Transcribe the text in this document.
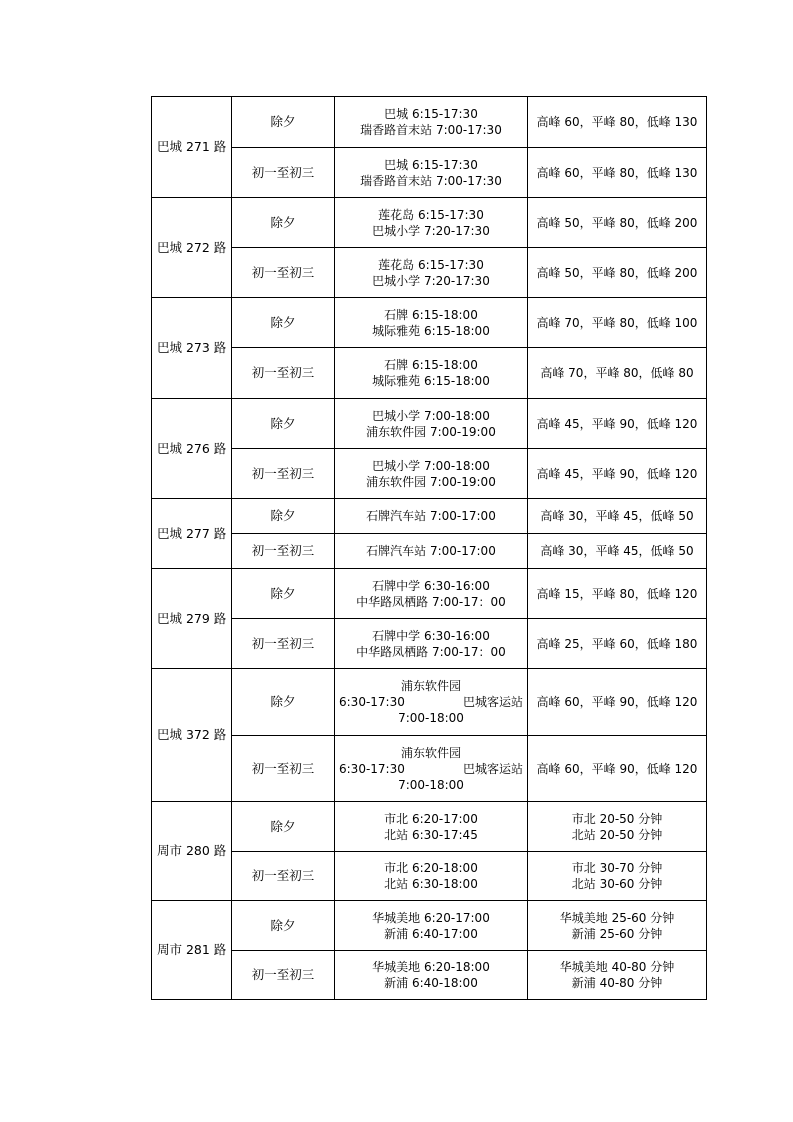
巴城 271 路	除夕	巴城 6:15-17:30
瑞香路首末站 7:00-17:30	高峰 60，平峰 80，低峰 130

	初一至初三	巴城 6:15-17:30
瑞香路首末站 7:00-17:30	高峰 60，平峰 80，低峰 130

巴城 272 路	除夕	莲花岛 6:15-17:30
巴城小学 7:20-17:30	高峰 50，平峰 80，低峰 200

	初一至初三	莲花岛 6:15-17:30
巴城小学 7:20-17:30	高峰 50，平峰 80，低峰 200

巴城 273 路	除夕	石牌 6:15-18:00
城际雅苑 6:15-18:00	高峰 70，平峰 80，低峰 100

	初一至初三	石牌 6:15-18:00
城际雅苑 6:15-18:00	高峰 70，平峰 80，低峰 80

巴城 276 路	除夕	巴城小学 7:00-18:00
浦东软件园 7:00-19:00	高峰 45，平峰 90，低峰 120

	初一至初三	巴城小学 7:00-18:00
浦东软件园 7:00-19:00	高峰 45，平峰 90，低峰 120

巴城 277 路	除夕	石牌汽车站 7:00-17:00	高峰 30，平峰 45，低峰 50

	初一至初三	石牌汽车站 7:00-17:00	高峰 30，平峰 45，低峰 50

巴城 279 路	除夕	石牌中学 6:30-16:00
中华路凤栖路 7:00-17：00	高峰 15，平峰 80，低峰 120

	初一至初三	石牌中学 6:30-16:00
中华路凤栖路 7:00-17：00	高峰 25，平峰 60，低峰 180

巴城 372 路	除夕	浦东软件园
6:30-17:30 巴城客运站
7:00-18:00	高峰 60，平峰 90，低峰 120

	初一至初三	浦东软件园
6:30-17:30 巴城客运站
7:00-18:00	高峰 60，平峰 90，低峰 120

周市 280 路	除夕	市北 6:20-17:00
北站 6:30-17:45	市北 20-50 分钟
北站 20-50 分钟

	初一至初三	市北 6:20-18:00
北站 6:30-18:00	市北 30-70 分钟
北站 30-60 分钟

周市 281 路	除夕	华城美地 6:20-17:00
新浦 6:40-17:00	华城美地 25-60 分钟
新浦 25-60 分钟

	初一至初三	华城美地 6:20-18:00
新浦 6:40-18:00	华城美地 40-80 分钟
新浦 40-80 分钟
